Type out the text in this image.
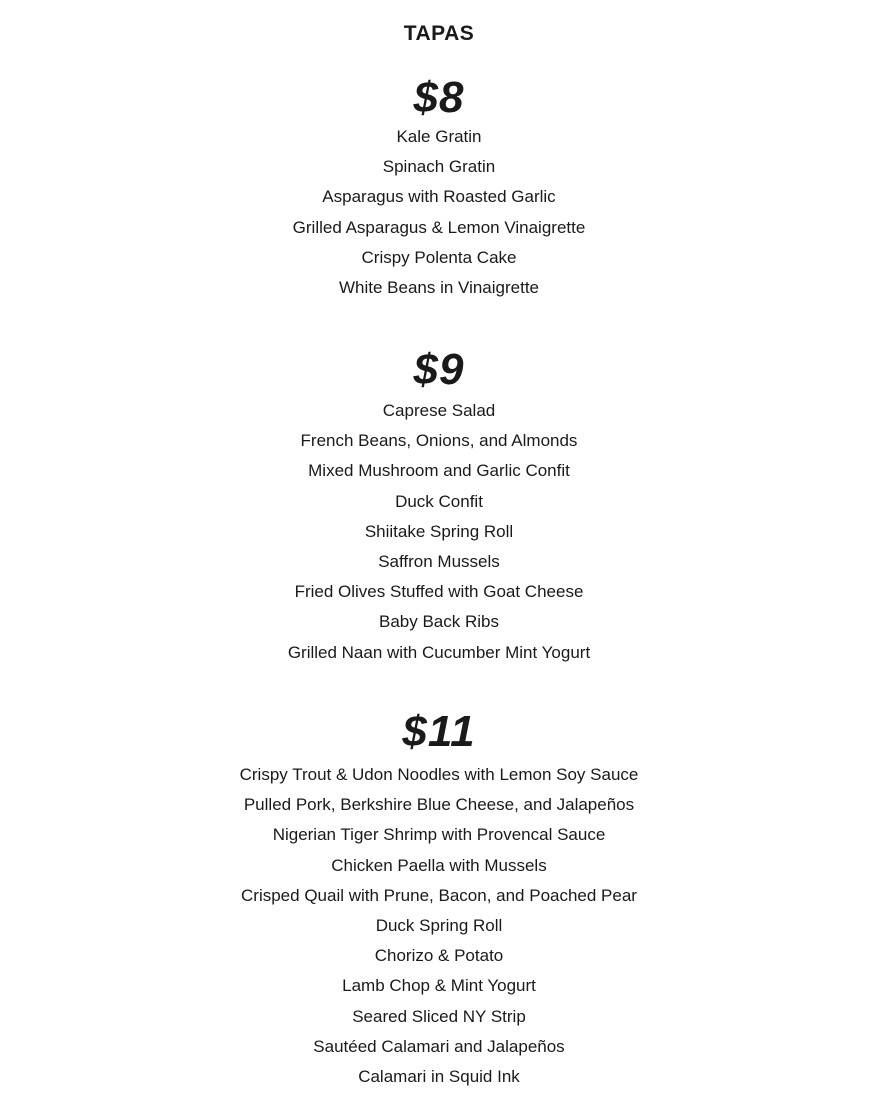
TAPAS
$8
Kale Gratin
Spinach Gratin
Asparagus with Roasted Garlic
Grilled Asparagus & Lemon Vinaigrette
Crispy Polenta Cake
White Beans in Vinaigrette
$9
Caprese Salad
French Beans, Onions, and Almonds
Mixed Mushroom and Garlic Confit
Duck Confit
Shiitake Spring Roll
Saffron Mussels
Fried Olives Stuffed with Goat Cheese
Baby Back Ribs
Grilled Naan with Cucumber Mint Yogurt
$11
Crispy Trout & Udon Noodles with Lemon Soy Sauce
Pulled Pork, Berkshire Blue Cheese, and Jalapeños
Nigerian Tiger Shrimp with Provencal Sauce
Chicken Paella with Mussels
Crisped Quail with Prune, Bacon, and Poached Pear
Duck Spring Roll
Chorizo & Potato
Lamb Chop & Mint Yogurt
Seared Sliced NY Strip
Sautéed Calamari and Jalapeños
Calamari in Squid Ink
